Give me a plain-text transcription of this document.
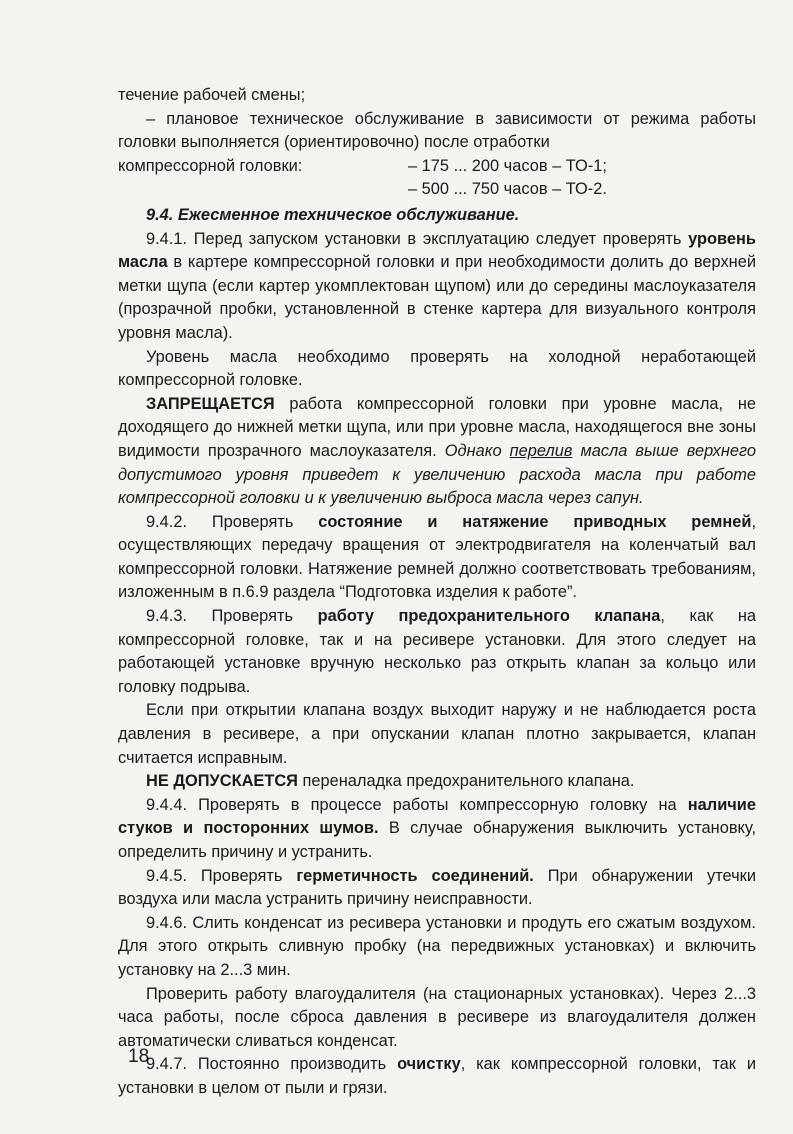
течение рабочей смены;

– плановое техническое обслуживание в зависимости от режима работы головки выполняется (ориентировочно) после отработки

компрессорной головки:	– 175 ... 200 часов – ТО-1;

– 500 ... 750 часов – ТО-2.

9.4. Ежесменное техническое обслуживание.

9.4.1. Перед запуском установки в эксплуатацию следует проверять уровень масла в картере компрессорной головки и при необходимости долить до верхней метки щупа (если картер укомплектован щупом) или до середины маслоуказателя (прозрачной пробки, установленной в стенке картера для визуального контроля уровня масла).

Уровень масла необходимо проверять на холодной неработающей компрессорной головке.

ЗАПРЕЩАЕТСЯ работа компрессорной головки при уровне масла, не доходящего до нижней метки щупа, или при уровне масла, находящегося вне зоны видимости прозрачного маслоуказателя. Однако перелив масла выше верхнего допустимого уровня приведет к увеличению расхода масла при работе компрессорной головки и к увеличению выброса масла через сапун.

9.4.2. Проверять состояние и натяжение приводных ремней, осуществляющих передачу вращения от электродвигателя на коленчатый вал компрессорной головки. Натяжение ремней должно соответствовать требованиям, изложенным в п.6.9 раздела “Подготовка изделия к работе”.

9.4.3. Проверять работу предохранительного клапана, как на компрессорной головке, так и на ресивере установки. Для этого следует на работающей установке вручную несколько раз открыть клапан за кольцо или головку подрыва.

Если при открытии клапана воздух выходит наружу и не наблюдается роста давления в ресивере, а при опускании клапан плотно закрывается, клапан считается исправным.

НЕ ДОПУСКАЕТСЯ переналадка предохранительного клапана.

9.4.4. Проверять в процессе работы компрессорную головку на наличие стуков и посторонних шумов. В случае обнаружения выключить установку, определить причину и устранить.

9.4.5. Проверять герметичность соединений. При обнаружении утечки воздуха или масла устранить причину неисправности.

9.4.6. Слить конденсат из ресивера установки и продуть его сжатым воздухом. Для этого открыть сливную пробку (на передвижных установках) и включить установку на 2...3 мин.

Проверить работу влагоудалителя (на стационарных установках). Через 2...3 часа работы, после сброса давления в ресивере из влагоудалителя должен автоматически сливаться конденсат.

9.4.7. Постоянно производить очистку, как компрессорной головки, так и установки в целом от пыли и грязи.

18
